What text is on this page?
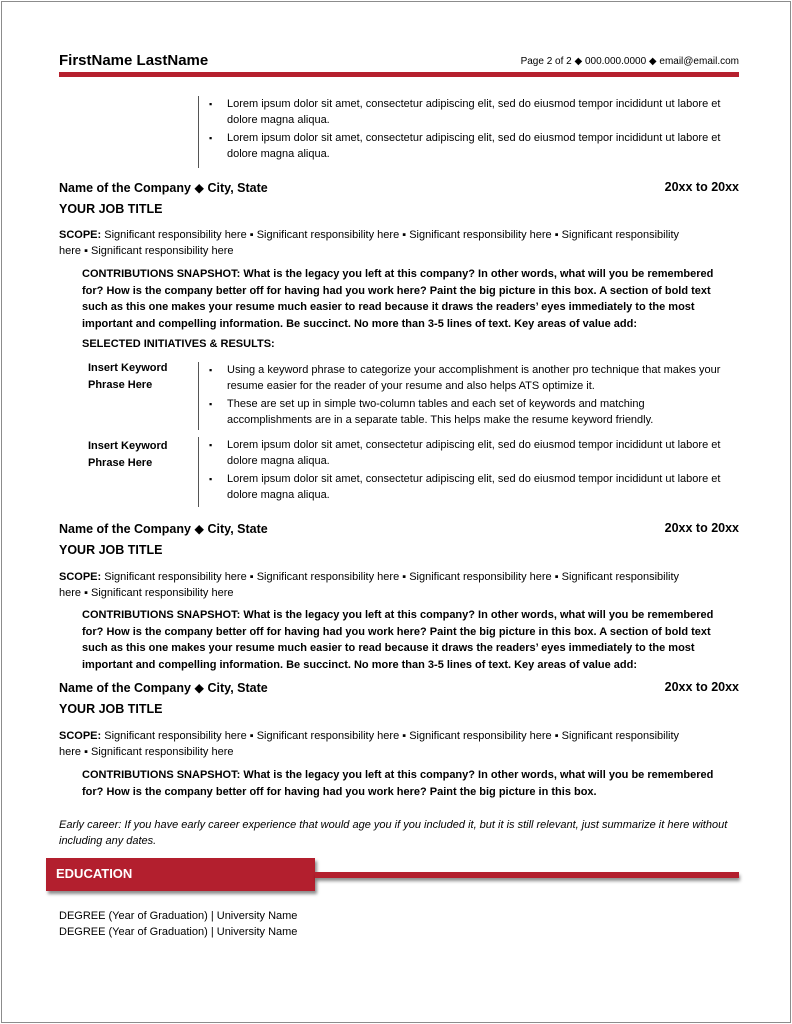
FirstName LastName	Page 2 of 2 ◆ 000.000.0000 ◆ email@email.com
▪ Lorem ipsum dolor sit amet, consectetur adipiscing elit, sed do eiusmod tempor incididunt ut labore et dolore magna aliqua.
▪ Lorem ipsum dolor sit amet, consectetur adipiscing elit, sed do eiusmod tempor incididunt ut labore et dolore magna aliqua.
Name of the Company ◆ City, State	20xx to 20xx
YOUR JOB TITLE
SCOPE: Significant responsibility here ▪ Significant responsibility here ▪ Significant responsibility here ▪ Significant responsibility here ▪ Significant responsibility here
CONTRIBUTIONS SNAPSHOT: What is the legacy you left at this company? In other words, what will you be remembered for? How is the company better off for having had you work here? Paint the big picture in this box. A section of bold text such as this one makes your resume much easier to read because it draws the readers’ eyes immediately to the most important and compelling information. Be succinct. No more than 3-5 lines of text. Key areas of value add:
SELECTED INITIATIVES & RESULTS:
Insert Keyword Phrase Here
▪ Using a keyword phrase to categorize your accomplishment is another pro technique that makes your resume easier for the reader of your resume and also helps ATS optimize it.
▪ These are set up in simple two-column tables and each set of keywords and matching accomplishments are in a separate table. This helps make the resume keyword friendly.
Insert Keyword Phrase Here
▪ Lorem ipsum dolor sit amet, consectetur adipiscing elit, sed do eiusmod tempor incididunt ut labore et dolore magna aliqua.
▪ Lorem ipsum dolor sit amet, consectetur adipiscing elit, sed do eiusmod tempor incididunt ut labore et dolore magna aliqua.
Name of the Company ◆ City, State	20xx to 20xx
YOUR JOB TITLE
SCOPE: Significant responsibility here ▪ Significant responsibility here ▪ Significant responsibility here ▪ Significant responsibility here ▪ Significant responsibility here
CONTRIBUTIONS SNAPSHOT: What is the legacy you left at this company? In other words, what will you be remembered for? How is the company better off for having had you work here? Paint the big picture in this box. A section of bold text such as this one makes your resume much easier to read because it draws the readers’ eyes immediately to the most important and compelling information. Be succinct. No more than 3-5 lines of text. Key areas of value add:
Name of the Company ◆ City, State	20xx to 20xx
YOUR JOB TITLE
SCOPE: Significant responsibility here ▪ Significant responsibility here ▪ Significant responsibility here ▪ Significant responsibility here ▪ Significant responsibility here
CONTRIBUTIONS SNAPSHOT: What is the legacy you left at this company? In other words, what will you be remembered for? How is the company better off for having had you work here? Paint the big picture in this box.
Early career: If you have early career experience that would age you if you included it, but it is still relevant, just summarize it here without including any dates.
EDUCATION
DEGREE (Year of Graduation) | University Name
DEGREE (Year of Graduation) | University Name
